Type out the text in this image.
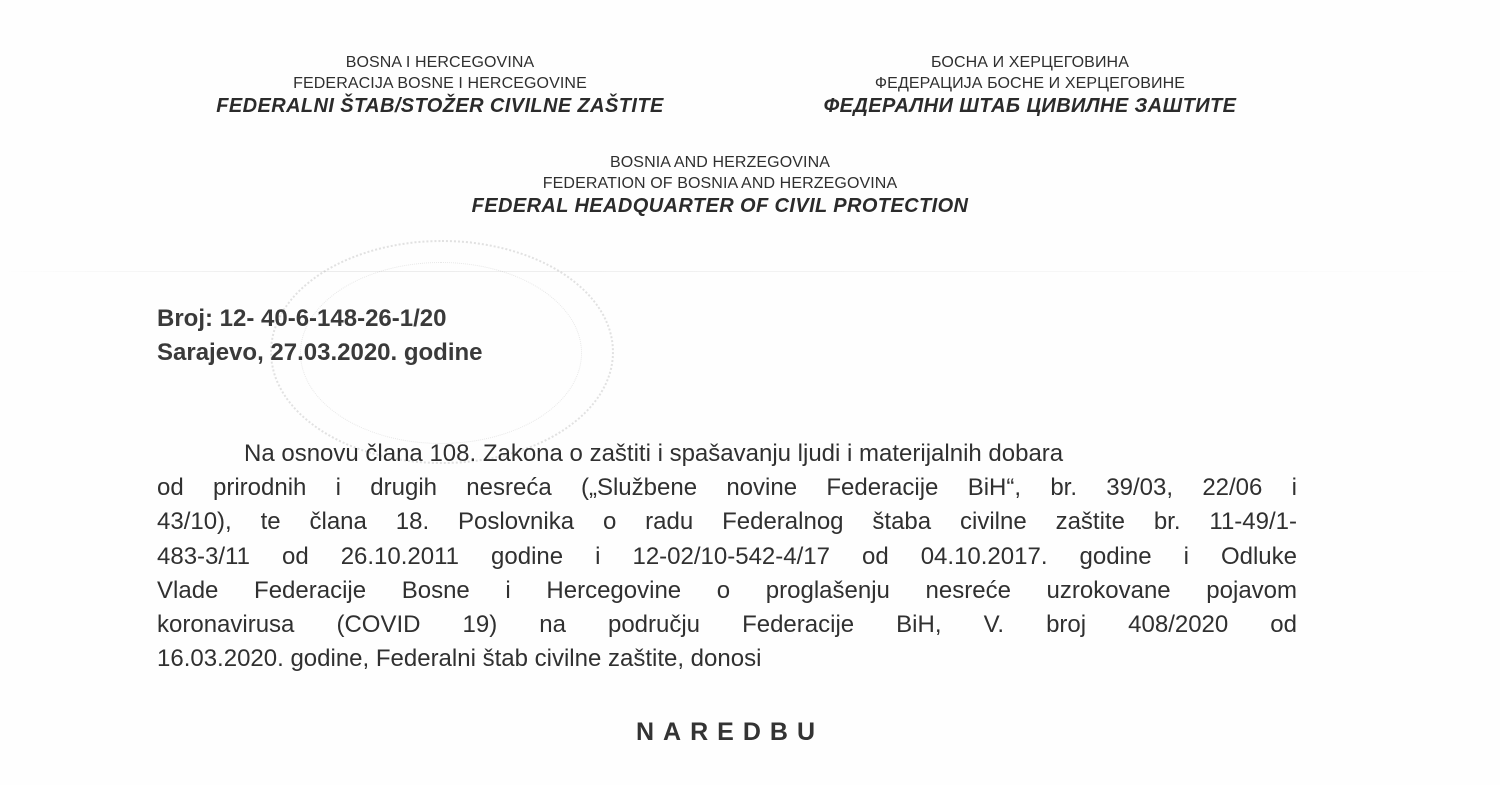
BOSNA I HERCEGOVINA
FEDERACIJA BOSNE I HERCEGOVINE
FEDERALNI ŠTAB/STOŽER CIVILNE ZAŠTITE
БОСНА И ХЕРЦЕГОВИНА
ФЕДЕРАЦИЈА БОСНЕ И ХЕРЦЕГОВИНЕ
ФЕДЕРАЛНИ ШТАБ ЦИВИЛНЕ ЗАШТИТЕ
BOSNIA AND HERZEGOVINA
FEDERATION OF BOSNIA AND HERZEGOVINA
FEDERAL HEADQUARTER OF CIVIL PROTECTION
Broj: 12- 40-6-148-26-1/20
Sarajevo, 27.03.2020. godine
Na osnovu člana 108. Zakona o zaštiti i spašavanju ljudi i materijalnih dobara
od prirodnih i drugih nesreća („Službene novine Federacije BiH“, br. 39/03, 22/06 i
43/10), te člana 18. Poslovnika o radu Federalnog štaba civilne zaštite br. 11-49/1-
483-3/11 od 26.10.2011 godine i 12-02/10-542-4/17 od 04.10.2017. godine i Odluke
Vlade Federacije Bosne i Hercegovine o proglašenju nesreće uzrokovane pojavom
koronavirusa (COVID 19) na području Federacije BiH, V. broj 408/2020 od
16.03.2020. godine, Federalni štab civilne zaštite, donosi
NAREDBU
